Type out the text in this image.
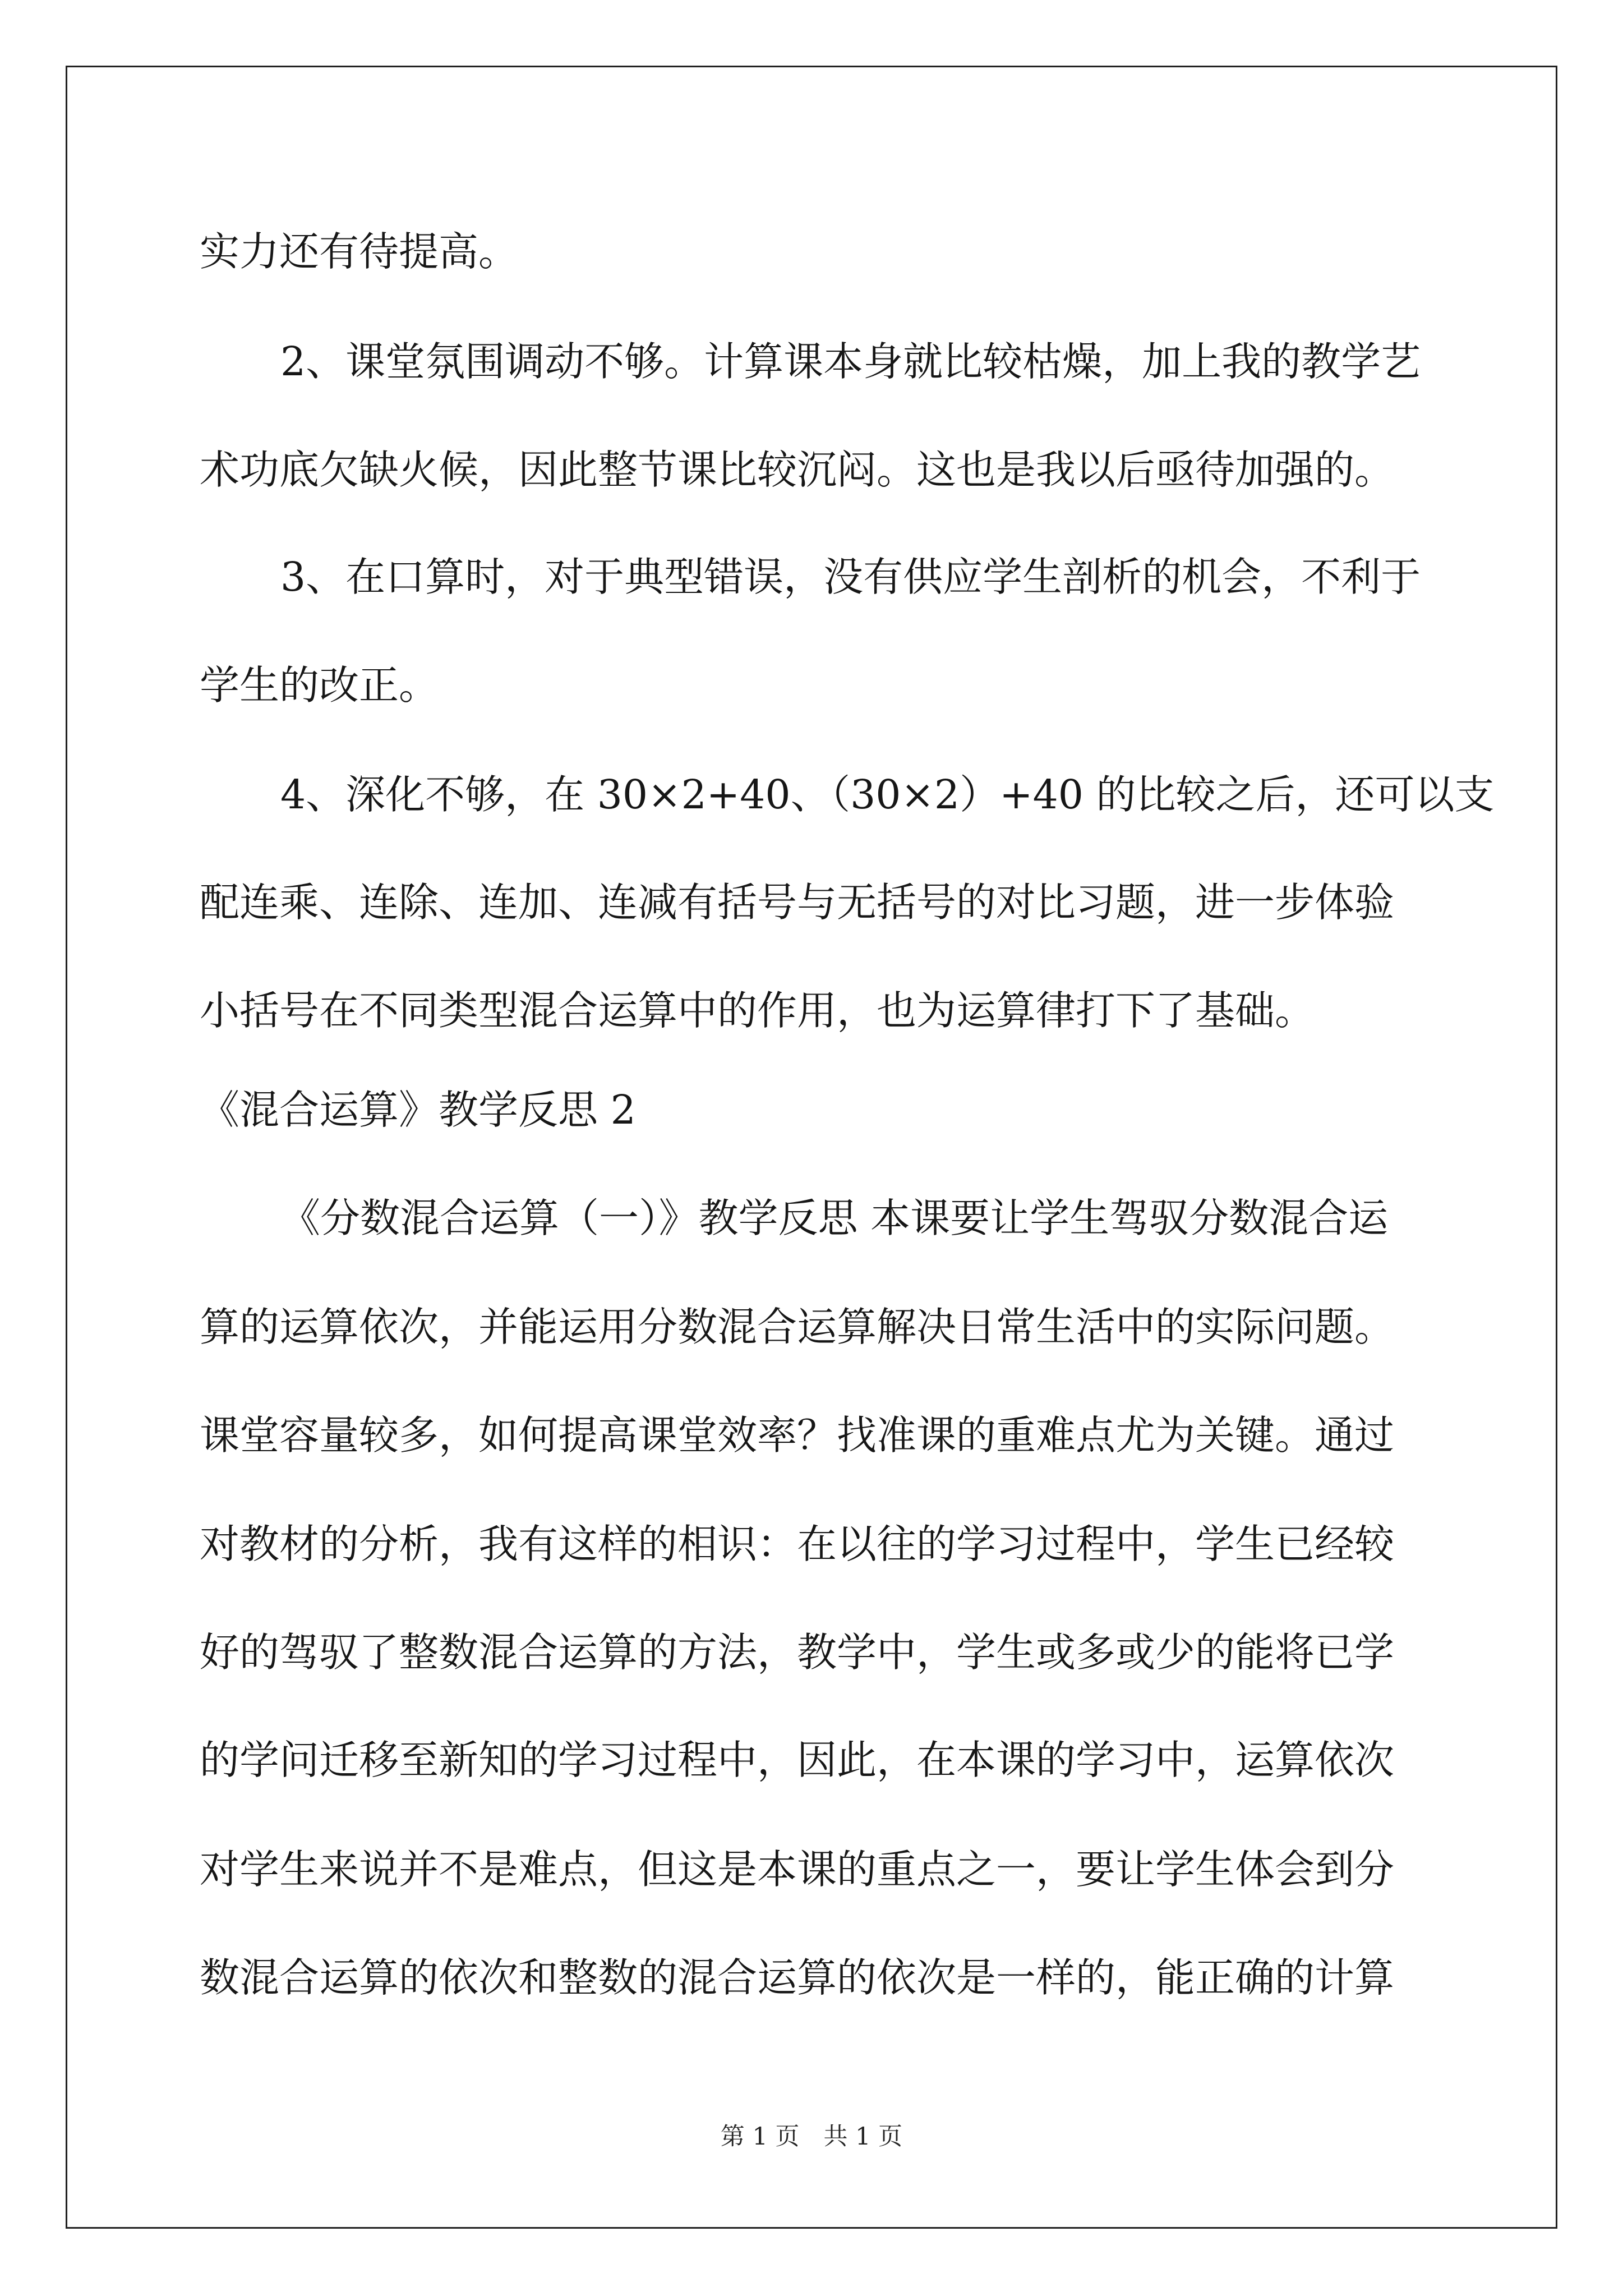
实力还有待提高。

2、课堂氛围调动不够。计算课本身就比较枯燥，加上我的教学艺

术功底欠缺火候，因此整节课比较沉闷。这也是我以后亟待加强的。

3、在口算时，对于典型错误，没有供应学生剖析的机会，不利于

学生的改正。

4、深化不够，在 30×2+40、（30×2）+40 的比较之后，还可以支

配连乘、连除、连加、连减有括号与无括号的对比习题，进一步体验

小括号在不同类型混合运算中的作用，也为运算律打下了基础。

《混合运算》教学反思 2

《分数混合运算（一）》教学反思 本课要让学生驾驭分数混合运

算的运算依次，并能运用分数混合运算解决日常生活中的实际问题。

课堂容量较多，如何提高课堂效率？找准课的重难点尤为关键。通过

对教材的分析，我有这样的相识：在以往的学习过程中，学生已经较

好的驾驭了整数混合运算的方法，教学中，学生或多或少的能将已学

的学问迁移至新知的学习过程中，因此，在本课的学习中，运算依次

对学生来说并不是难点，但这是本课的重点之一，要让学生体会到分

数混合运算的依次和整数的混合运算的依次是一样的，能正确的计算

第 1 页　共 1 页
